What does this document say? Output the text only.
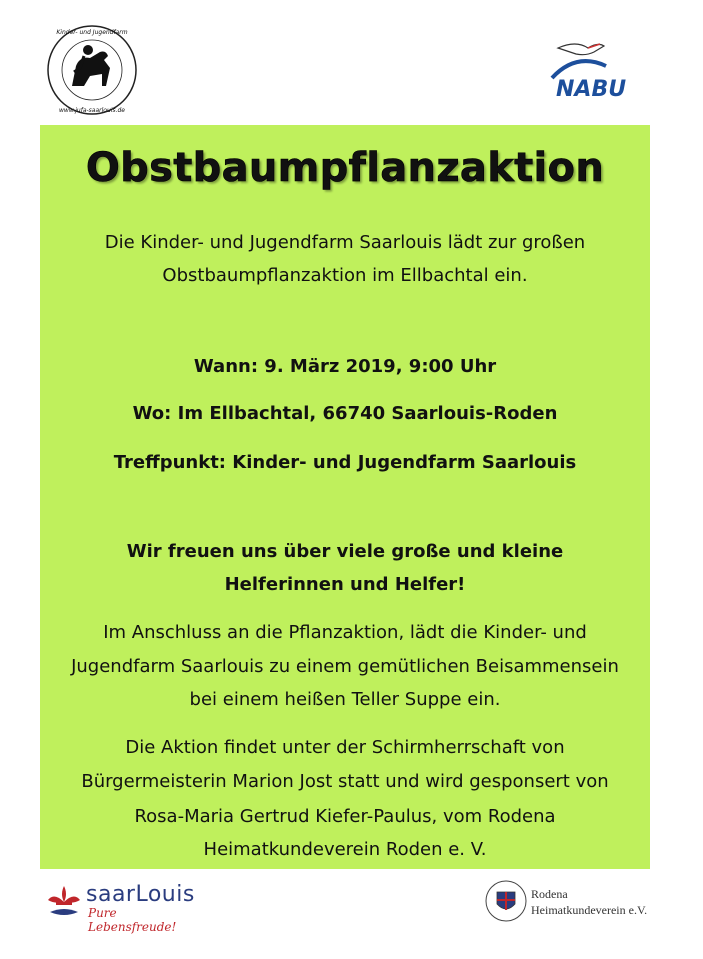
Kinder- und Jugendfarm
www.jufa-saarlouis.de
NABU
Obstbaumpflanzaktion
Die Kinder- und Jugendfarm Saarlouis lädt zur großen
Obstbaumpflanzaktion im Ellbachtal ein.
Wann: 9. März 2019, 9:00 Uhr
Wo: Im Ellbachtal, 66740 Saarlouis-Roden
Treffpunkt: Kinder- und Jugendfarm Saarlouis
Wir freuen uns über viele große und kleine
Helferinnen und Helfer!
Im Anschluss an die Pflanzaktion, lädt die Kinder- und
Jugendfarm Saarlouis zu einem gemütlichen Beisammensein
bei einem heißen Teller Suppe ein.
Die Aktion findet unter der Schirmherrschaft von
Bürgermeisterin Marion Jost statt und wird gesponsert von
Rosa-Maria Gertrud Kiefer-Paulus, vom Rodena
Heimatkundeverein Roden e. V.
saarLouis
Pure Lebensfreude!
Rodena
Heimatkundeverein e.V.
